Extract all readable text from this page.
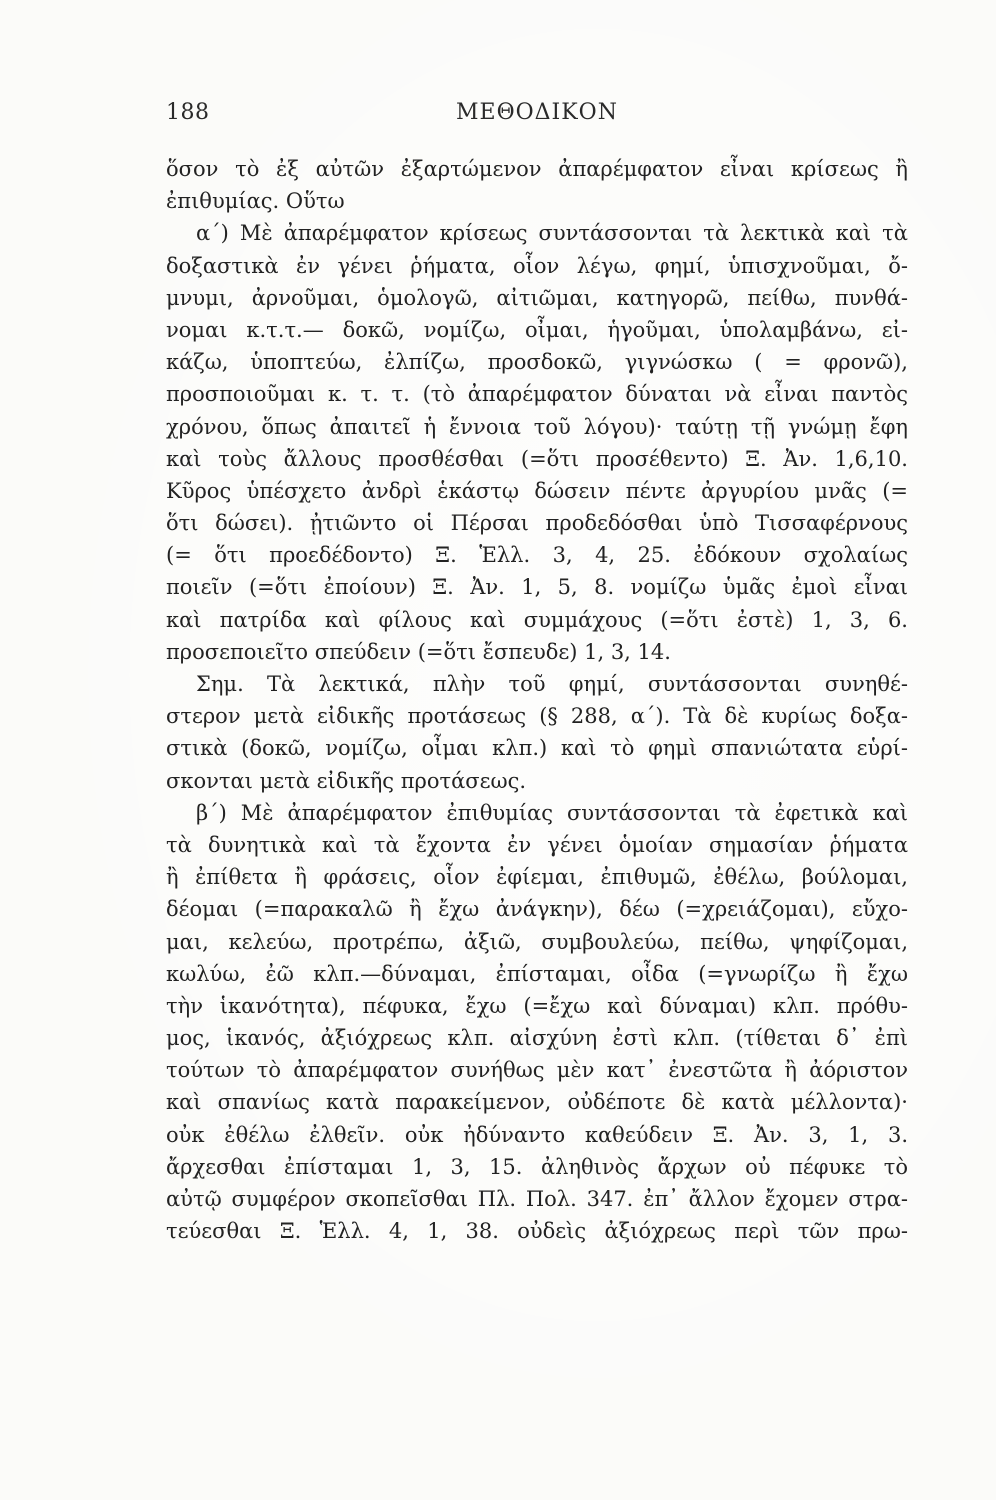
188	ΜΕΘΟΔΙΚΟΝ
ὅσον τὸ ἐξ αὐτῶν ἐξαρτώμενον ἀπαρέμφατον εἶναι κρίσεως ἢ
ἐπιθυμίας. Οὕτω
α΄) Μὲ ἀπαρέμφατον κρίσεως συντάσσονται τὰ λεκτικὰ καὶ τὰ
δοξαστικὰ ἐν γένει ῥήματα, οἷον λέγω, φημί, ὑπισχνοῦμαι, ὄ-
μνυμι, ἀρνοῦμαι, ὁμολογῶ, αἰτιῶμαι, κατηγορῶ, πείθω, πυνθά-
νομαι κ.τ.τ.— δοκῶ, νομίζω, οἶμαι, ἡγοῦμαι, ὑπολαμβάνω, εἰ-
κάζω, ὑποπτεύω, ἐλπίζω, προσδοκῶ, γιγνώσκω ( = φρονῶ),
προσποιοῦμαι κ. τ. τ. (τὸ ἀπαρέμφατον δύναται νὰ εἶναι παντὸς
χρόνου, ὅπως ἀπαιτεῖ ἡ ἔννοια τοῦ λόγου)· ταύτῃ τῇ γνώμῃ ἔφη
καὶ τοὺς ἄλλους προσθέσθαι (=ὅτι προσέθεντο) Ξ. Ἀν. 1,6,10.
Κῦρος ὑπέσχετο ἀνδρὶ ἑκάστῳ δώσειν πέντε ἀργυρίου μνᾶς (=
ὅτι δώσει). ᾐτιῶντο οἱ Πέρσαι προδεδόσθαι ὑπὸ Τισσαφέρνους
(= ὅτι προεδέδοντο) Ξ. Ἑλλ. 3, 4, 25. ἐδόκουν σχολαίως
ποιεῖν (=ὅτι ἐποίουν) Ξ. Ἀν. 1, 5, 8. νομίζω ὑμᾶς ἐμοὶ εἶναι
καὶ πατρίδα καὶ φίλους καὶ συμμάχους (=ὅτι ἐστὲ) 1, 3, 6.
προσεποιεῖτο σπεύδειν (=ὅτι ἔσπευδε) 1, 3, 14.
Σημ. Τὰ λεκτικά, πλὴν τοῦ φημί, συντάσσονται συνηθέ-
στερον μετὰ εἰδικῆς προτάσεως (§ 288, α΄). Τὰ δὲ κυρίως δοξα-
στικὰ (δοκῶ, νομίζω, οἶμαι κλπ.) καὶ τὸ φημὶ σπανιώτατα εὑρί-
σκονται μετὰ εἰδικῆς προτάσεως.
β΄) Μὲ ἀπαρέμφατον ἐπιθυμίας συντάσσονται τὰ ἐφετικὰ καὶ
τὰ δυνητικὰ καὶ τὰ ἔχοντα ἐν γένει ὁμοίαν σημασίαν ῥήματα
ἢ ἐπίθετα ἢ φράσεις, οἷον ἐφίεμαι, ἐπιθυμῶ, ἐθέλω, βούλομαι,
δέομαι (=παρακαλῶ ἢ ἔχω ἀνάγκην), δέω (=χρειάζομαι), εὔχο-
μαι, κελεύω, προτρέπω, ἀξιῶ, συμβουλεύω, πείθω, ψηφίζομαι,
κωλύω, ἐῶ κλπ.—δύναμαι, ἐπίσταμαι, οἶδα (=γνωρίζω ἢ ἔχω
τὴν ἱκανότητα), πέφυκα, ἔχω (=ἔχω καὶ δύναμαι) κλπ. πρόθυ-
μος, ἱκανός, ἀξιόχρεως κλπ. αἰσχύνη ἐστὶ κλπ. (τίθεται δ᾽ ἐπὶ
τούτων τὸ ἀπαρέμφατον συνήθως μὲν κατ᾽ ἐνεστῶτα ἢ ἀόριστον
καὶ σπανίως κατὰ παρακείμενον, οὐδέποτε δὲ κατὰ μέλλοντα)·
οὐκ ἐθέλω ἐλθεῖν. οὐκ ἠδύναντο καθεύδειν Ξ. Ἀν. 3, 1, 3.
ἄρχεσθαι ἐπίσταμαι 1, 3, 15. ἀληθινὸς ἄρχων οὐ πέφυκε τὸ
αὐτῷ συμφέρον σκοπεῖσθαι Πλ. Πολ. 347. ἐπ᾽ ἄλλον ἔχομεν στρα-
τεύεσθαι Ξ. Ἑλλ. 4, 1, 38. οὐδεὶς ἀξιόχρεως περὶ τῶν πρω-
